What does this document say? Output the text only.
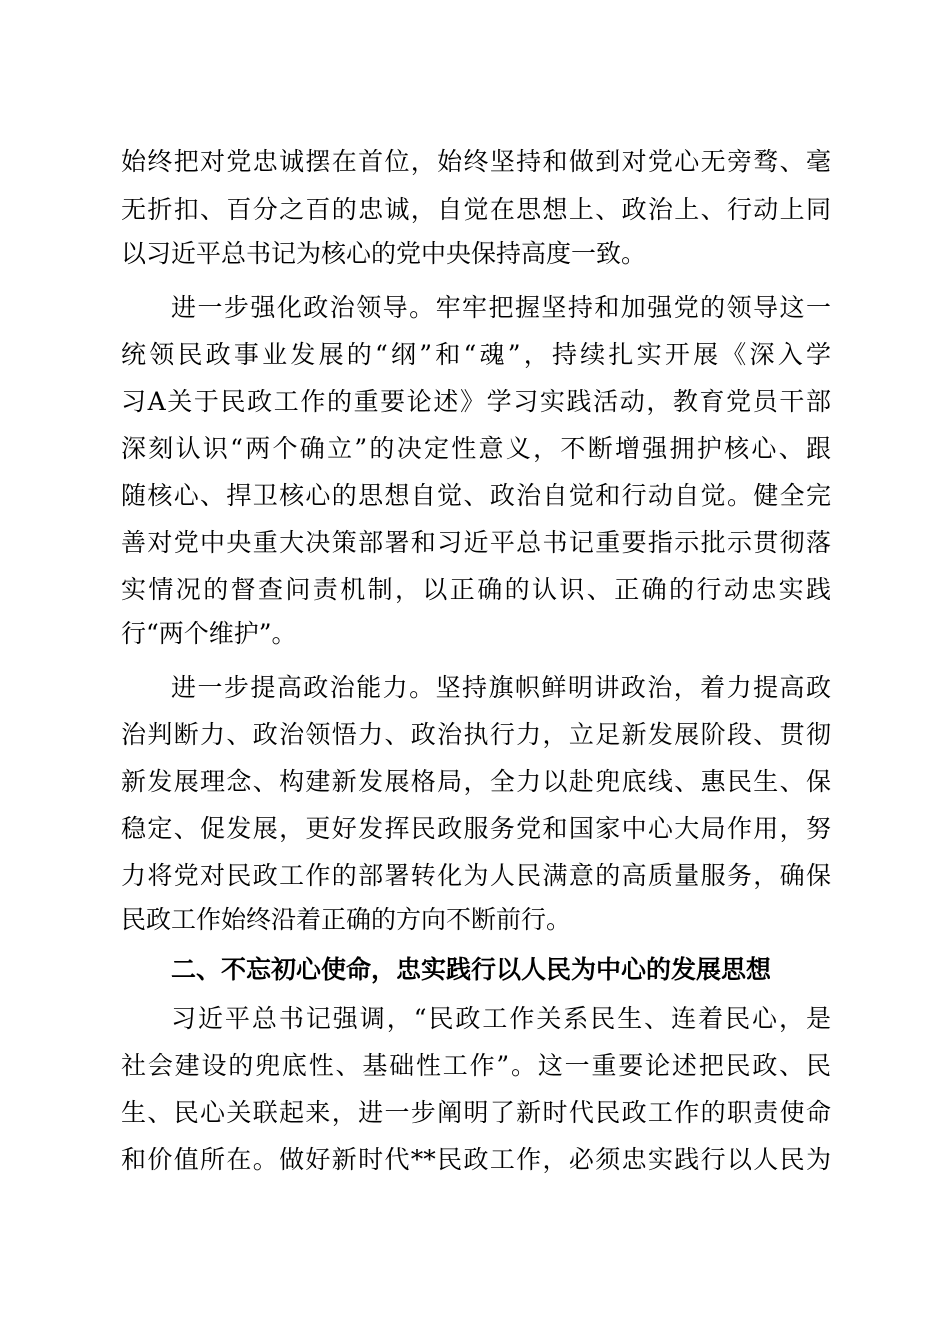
始终把对党忠诚摆在首位，始终坚持和做到对党心无旁骛、毫
无折扣、百分之百的忠诚，自觉在思想上、政治上、行动上同
以习近平总书记为核心的党中央保持高度一致。
进一步强化政治领导。牢牢把握坚持和加强党的领导这一
统领民政事业发展的“纲”和“魂”，持续扎实开展《深入学
习A关于民政工作的重要论述》学习实践活动，教育党员干部
深刻认识“两个确立”的决定性意义，不断增强拥护核心、跟
随核心、捍卫核心的思想自觉、政治自觉和行动自觉。健全完
善对党中央重大决策部署和习近平总书记重要指示批示贯彻落
实情况的督查问责机制，以正确的认识、正确的行动忠实践
行“两个维护”。
进一步提高政治能力。坚持旗帜鲜明讲政治，着力提高政
治判断力、政治领悟力、政治执行力，立足新发展阶段、贯彻
新发展理念、构建新发展格局，全力以赴兜底线、惠民生、保
稳定、促发展，更好发挥民政服务党和国家中心大局作用，努
力将党对民政工作的部署转化为人民满意的高质量服务，确保
民政工作始终沿着正确的方向不断前行。
二、不忘初心使命，忠实践行以人民为中心的发展思想
习近平总书记强调，“民政工作关系民生、连着民心，是
社会建设的兜底性、基础性工作”。这一重要论述把民政、民
生、民心关联起来，进一步阐明了新时代民政工作的职责使命
和价值所在。做好新时代**民政工作，必须忠实践行以人民为
